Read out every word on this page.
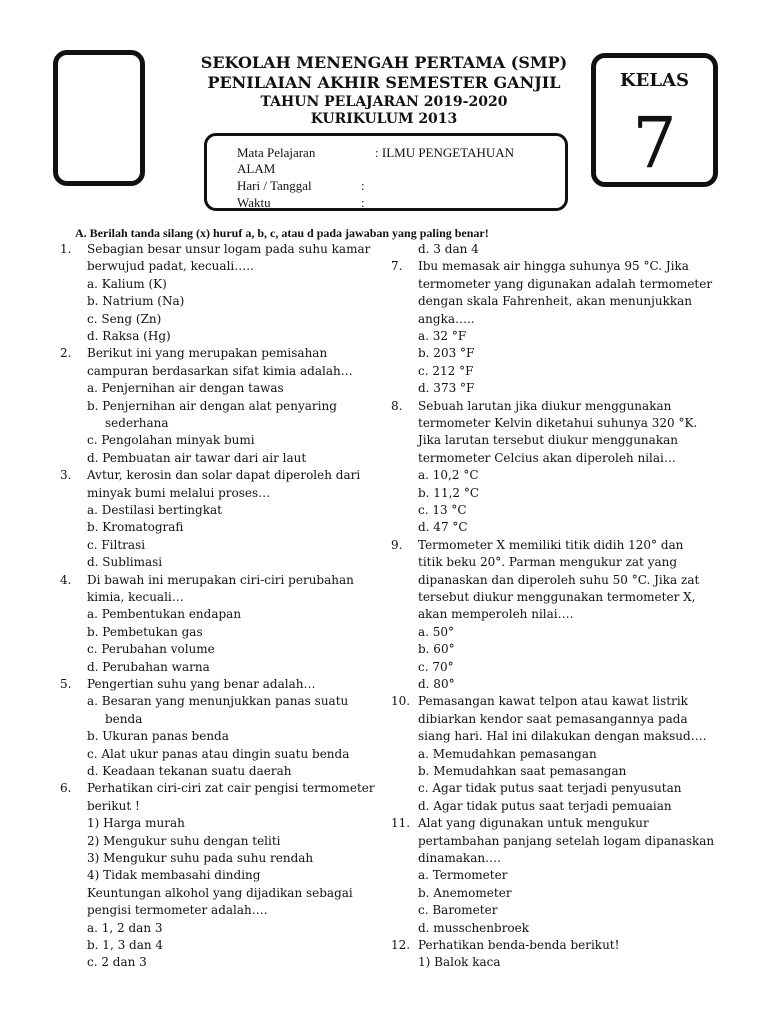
SEKOLAH MENENGAH PERTAMA (SMP)
PENILAIAN AKHIR SEMESTER GANJIL
TAHUN PELAJARAN 2019-2020
KURIKULUM 2013
KELAS
7
Mata Pelajaran	: ILMU PENGETAHUAN
ALAM
Hari / Tanggal	:
Waktu	:
A. Berilah tanda silang (x) huruf a, b, c, atau d pada jawaban yang paling benar!
1. Sebagian besar unsur logam pada suhu kamar
berwujud padat, kecuali…..
a. Kalium (K)
b. Natrium (Na)
c. Seng (Zn)
d. Raksa (Hg)
2. Berikut ini yang merupakan pemisahan
campuran berdasarkan sifat kimia adalah…
a. Penjernihan air dengan tawas
b. Penjernihan air dengan alat penyaring
sederhana
c. Pengolahan minyak bumi
d. Pembuatan air tawar dari air laut
3. Avtur, kerosin dan solar dapat diperoleh dari
minyak bumi melalui proses…
a. Destilasi bertingkat
b. Kromatografi
c. Filtrasi
d. Sublimasi
4. Di bawah ini merupakan ciri-ciri perubahan
kimia, kecuali…
a. Pembentukan endapan
b. Pembetukan gas
c. Perubahan volume
d. Perubahan warna
5. Pengertian suhu yang benar adalah…
a. Besaran yang menunjukkan panas suatu
benda
b. Ukuran panas benda
c. Alat ukur panas atau dingin suatu benda
d. Keadaan tekanan suatu daerah
6. Perhatikan ciri-ciri zat cair pengisi termometer
berikut !
1) Harga murah
2) Mengukur suhu dengan teliti
3) Mengukur suhu pada suhu rendah
4) Tidak membasahi dinding
Keuntungan alkohol yang dijadikan sebagai
pengisi termometer adalah….
a. 1, 2 dan 3
b. 1, 3 dan 4
c. 2 dan 3
d. 3 dan 4
7. Ibu memasak air hingga suhunya 95 °C. Jika
termometer yang digunakan adalah termometer
dengan skala Fahrenheit, akan menunjukkan
angka…..
a. 32 °F
b. 203 °F
c. 212 °F
d. 373 °F
8. Sebuah larutan jika diukur menggunakan
termometer Kelvin diketahui suhunya 320 °K.
Jika larutan tersebut diukur menggunakan
termometer Celcius akan diperoleh nilai…
a. 10,2 °C
b. 11,2 °C
c. 13 °C
d. 47 °C
9. Termometer X memiliki titik didih 120° dan
titik beku 20°. Parman mengukur zat yang
dipanaskan dan diperoleh suhu 50 °C. Jika zat
tersebut diukur menggunakan termometer X,
akan memperoleh nilai….
a. 50°
b. 60°
c. 70°
d. 80°
10. Pemasangan kawat telpon atau kawat listrik
dibiarkan kendor saat pemasangannya pada
siang hari. Hal ini dilakukan dengan maksud….
a. Memudahkan pemasangan
b. Memudahkan saat pemasangan
c. Agar tidak putus saat terjadi penyusutan
d. Agar tidak putus saat terjadi pemuaian
11. Alat yang digunakan untuk mengukur
pertambahan panjang setelah logam dipanaskan
dinamakan….
a. Termometer
b. Anemometer
c. Barometer
d. musschenbroek
12. Perhatikan benda-benda berikut!
1) Balok kaca
